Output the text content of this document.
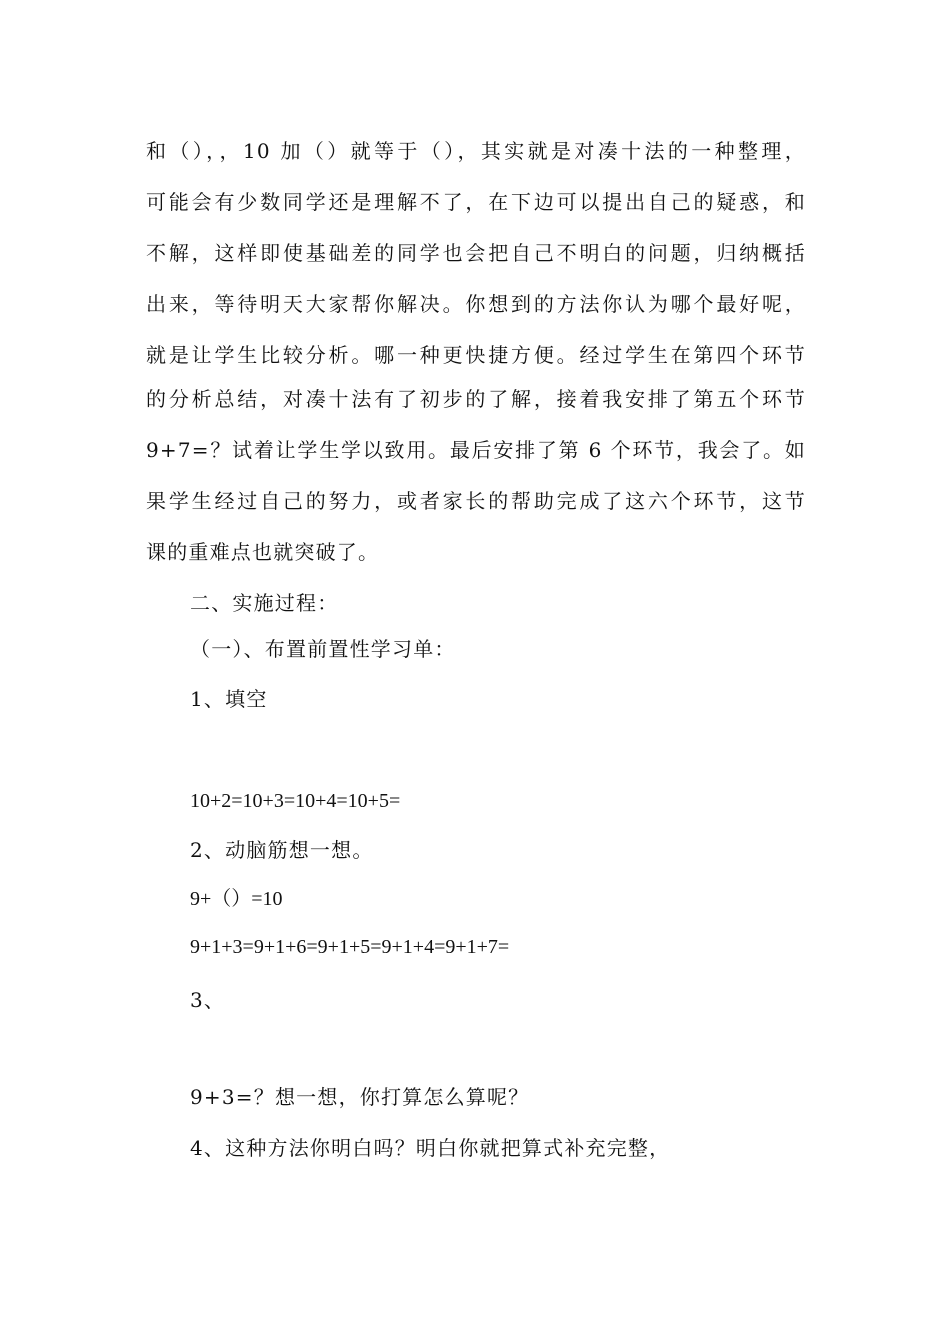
和（），，10 加（）就等于（），其实就是对凑十法的一种整理，
可能会有少数同学还是理解不了，在下边可以提出自己的疑惑，和
不解，这样即使基础差的同学也会把自己不明白的问题，归纳概括
出来，等待明天大家帮你解决。你想到的方法你认为哪个最好呢，
就是让学生比较分析。哪一种更快捷方便。经过学生在第四个环节
的分析总结，对凑十法有了初步的了解，接着我安排了第五个环节
9+7=？试着让学生学以致用。最后安排了第 6 个环节，我会了。如
果学生经过自己的努力，或者家长的帮助完成了这六个环节，这节
课的重难点也就突破了。
二、实施过程：
（一）、布置前置性学习单：
1、填空
10+2=10+3=10+4=10+5=
2、动脑筋想一想。
9+（）=10
9+1+3=9+1+6=9+1+5=9+1+4=9+1+7=
3、
9+3=？想一想，你打算怎么算呢？
4、这种方法你明白吗？明白你就把算式补充完整，
